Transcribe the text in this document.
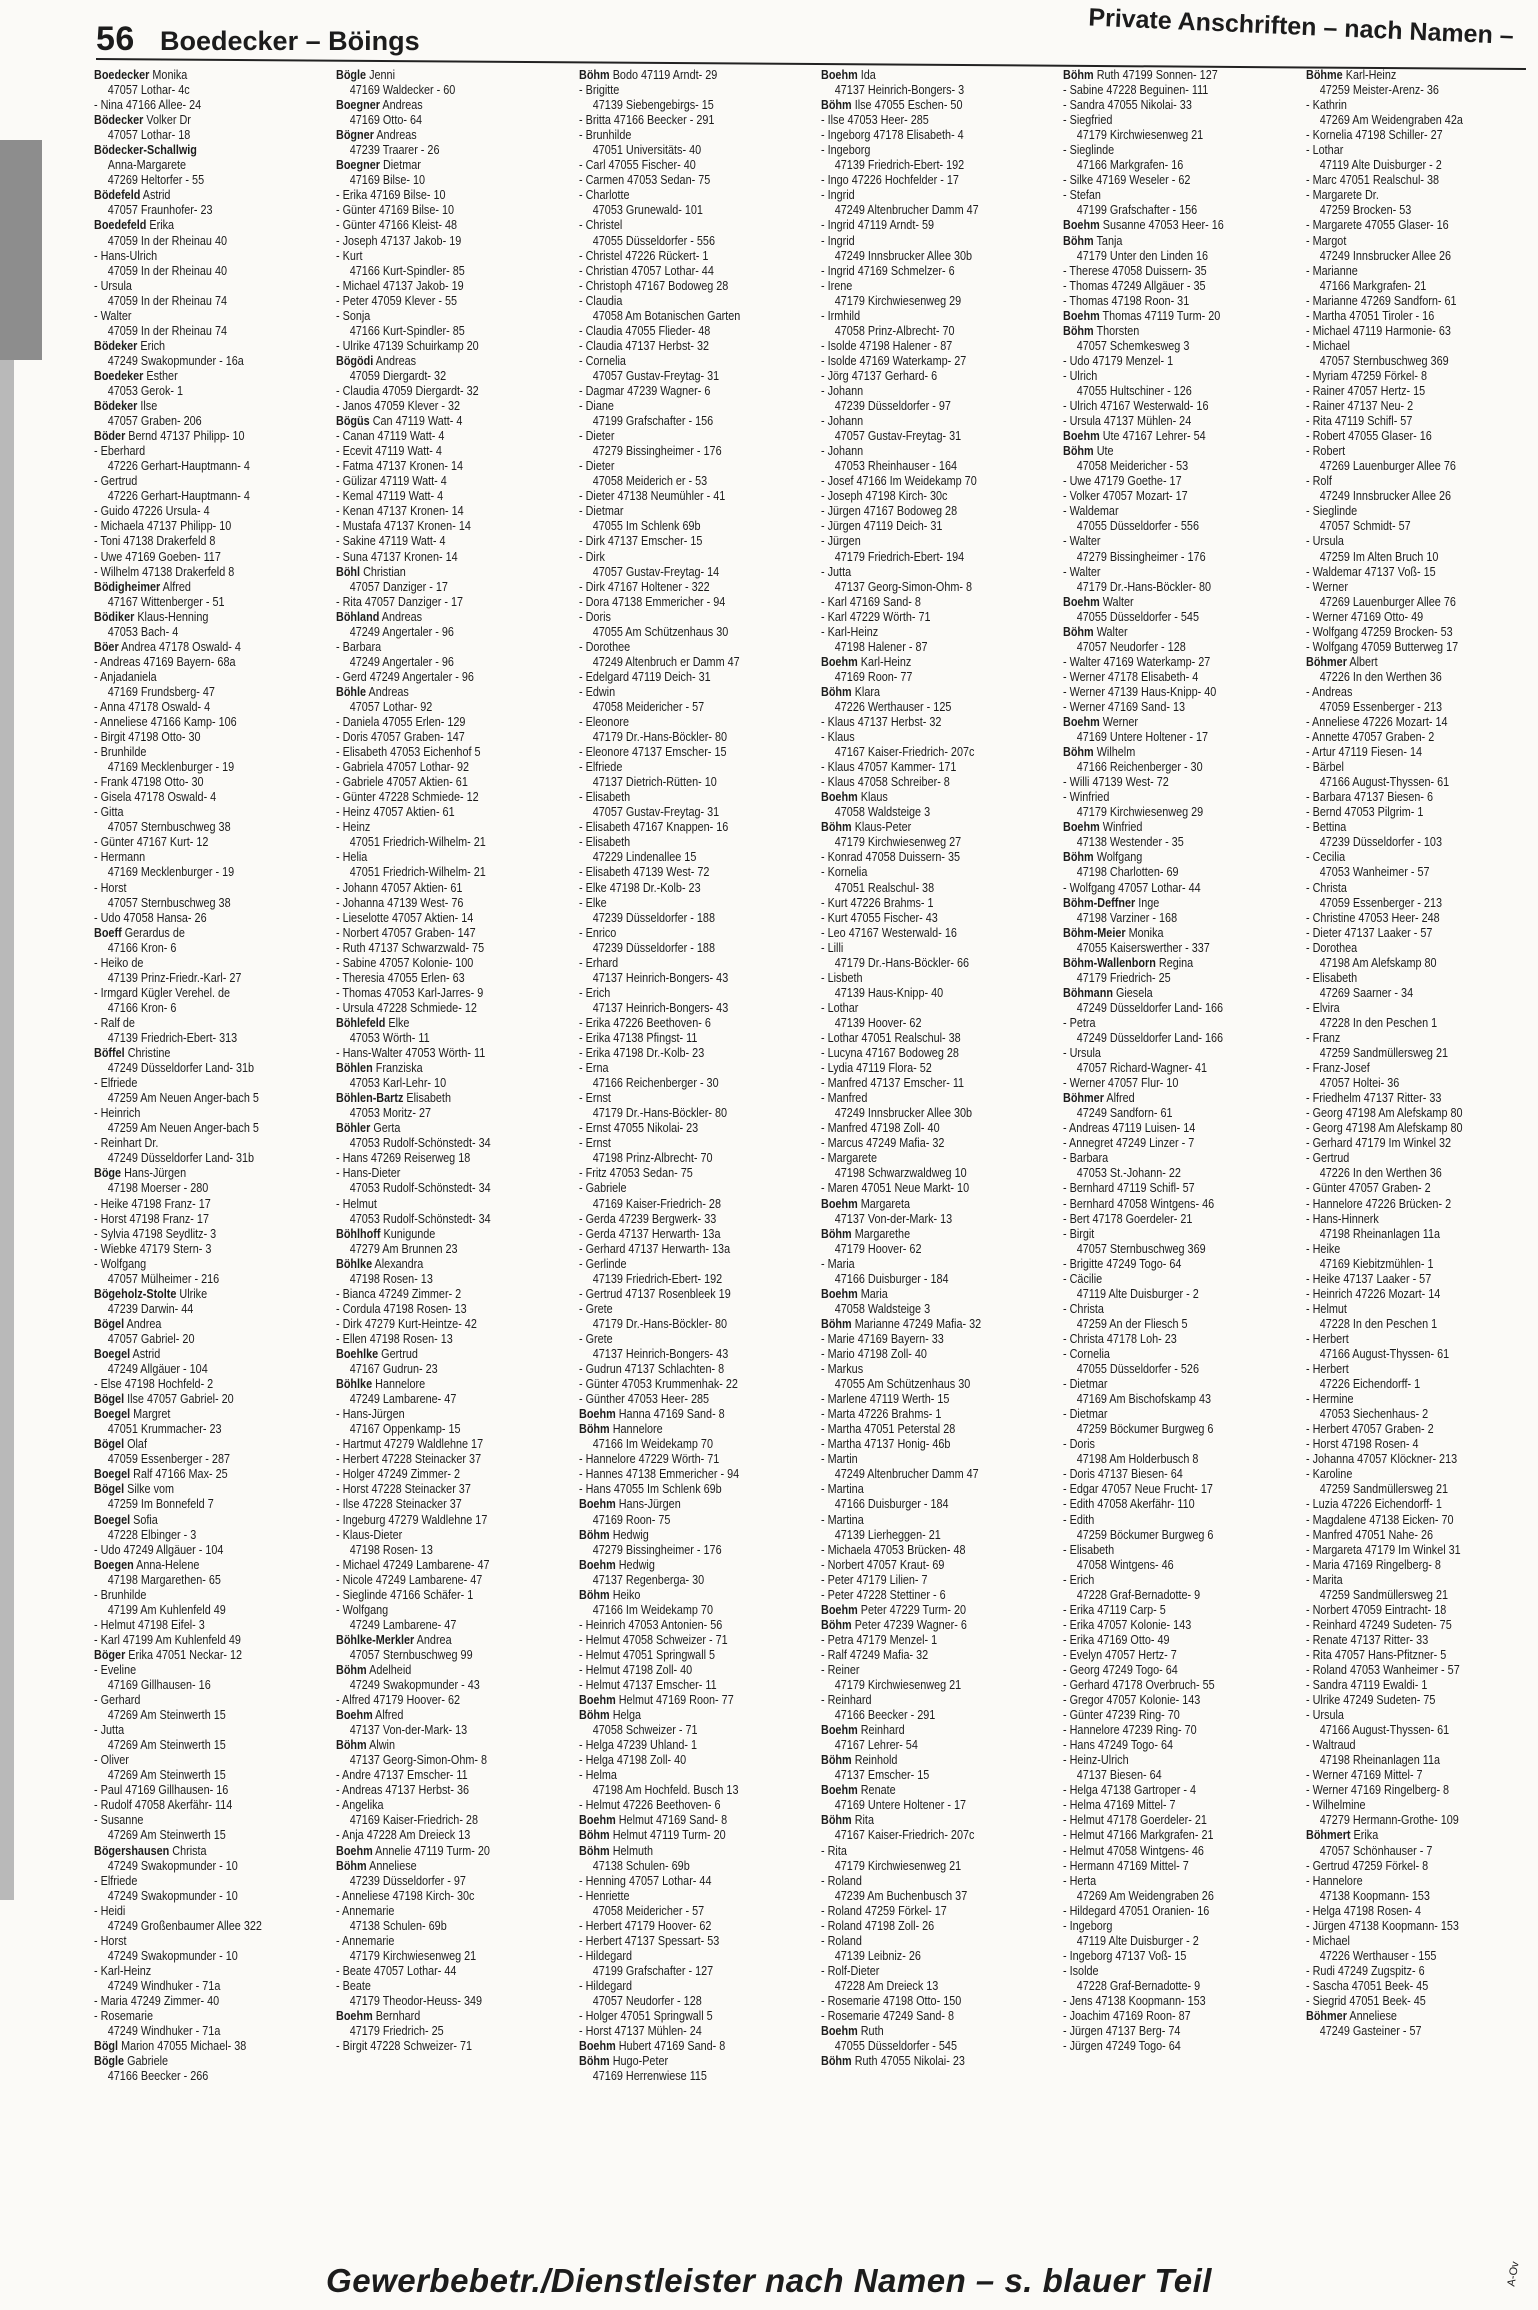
56 Boedecker – Böings	Private Anschriften – nach Namen –
Boedecker Monika
47057 Lothar- 4c
- Nina 47166 Allee- 24
Bödecker Volker Dr
47057 Lothar- 18
Bödecker-Schallwig
Anna-Margarete
47269 Heltorfer - 55
Bödefeld Astrid
47057 Fraunhofer- 23
Boedefeld Erika
47059 In der Rheinau 40
- Hans-Ulrich
47059 In der Rheinau 40
- Ursula
47059 In der Rheinau 74
- Walter
47059 In der Rheinau 74
Bödeker Erich
47249 Swakopmunder - 16a
Boedeker Esther
47053 Gerok- 1
Bödeker Ilse
47057 Graben- 206
Böder Bernd 47137 Philipp- 10
- Eberhard
47226 Gerhart-Hauptmann- 4
- Gertrud
47226 Gerhart-Hauptmann- 4
- Guido 47226 Ursula- 4
- Michaela 47137 Philipp- 10
- Toni 47138 Drakerfeld 8
- Uwe 47169 Goeben- 117
- Wilhelm 47138 Drakerfeld 8
Bödigheimer Alfred
47167 Wittenberger - 51
Bödiker Klaus-Henning
47053 Bach- 4
Böer Andrea 47178 Oswald- 4
- Andreas 47169 Bayern- 68a
- Anjadaniela
47169 Frundsberg- 47
- Anna 47178 Oswald- 4
- Anneliese 47166 Kamp- 106
- Birgit 47198 Otto- 30
- Brunhilde
47169 Mecklenburger - 19
- Frank 47198 Otto- 30
- Gisela 47178 Oswald- 4
- Gitta
47057 Sternbuschweg 38
- Günter 47167 Kurt- 12
- Hermann
47169 Mecklenburger - 19
- Horst
47057 Sternbuschweg 38
- Udo 47058 Hansa- 26
Boeff Gerardus de
47166 Kron- 6
- Heiko de
47139 Prinz-Friedr.-Karl- 27
- Irmgard Kügler Verehel. de
47166 Kron- 6
- Ralf de
47139 Friedrich-Ebert- 313
Böffel Christine
47249 Düsseldorfer Land- 31b
- Elfriede
47259 Am Neuen Anger-bach 5
- Heinrich
47259 Am Neuen Anger-bach 5
- Reinhart Dr.
47249 Düsseldorfer Land- 31b
Böge Hans-Jürgen
47198 Moerser - 280
- Heike 47198 Franz- 17
- Horst 47198 Franz- 17
- Sylvia 47198 Seydlitz- 3
- Wiebke 47179 Stern- 3
- Wolfgang
47057 Mülheimer - 216
Bögeholz-Stolte Ulrike
47239 Darwin- 44
Bögel Andrea
47057 Gabriel- 20
Boegel Astrid
47249 Allgäuer - 104
- Else 47198 Hochfeld- 2
Bögel Ilse 47057 Gabriel- 20
Boegel Margret
47051 Krummacher- 23
Bögel Olaf
47059 Essenberger - 287
Boegel Ralf 47166 Max- 25
Bögel Silke vom
47259 Im Bonnefeld 7
Boegel Sofia
47228 Elbinger - 3
- Udo 47249 Allgäuer - 104
Boegen Anna-Helene
47198 Margarethen- 65
- Brunhilde
47199 Am Kuhlenfeld 49
- Helmut 47198 Eifel- 3
- Karl 47199 Am Kuhlenfeld 49
Böger Erika 47051 Neckar- 12
- Eveline
47169 Gillhausen- 16
- Gerhard
47269 Am Steinwerth 15
- Jutta
47269 Am Steinwerth 15
- Oliver
47269 Am Steinwerth 15
- Paul 47169 Gillhausen- 16
- Rudolf 47058 Akerfähr- 114
- Susanne
47269 Am Steinwerth 15
Bögershausen Christa
47249 Swakopmunder - 10
- Elfriede
47249 Swakopmunder - 10
- Heidi
47249 Großenbaumer Allee 322
- Horst
47249 Swakopmunder - 10
- Karl-Heinz
47249 Windhuker - 71a
- Maria 47249 Zimmer- 40
- Rosemarie
47249 Windhuker - 71a
Bögl Marion 47055 Michael- 38
Bögle Gabriele
47166 Beecker - 266
Bögle Jenni
47169 Waldecker - 60
Boegner Andreas
47169 Otto- 64
Bögner Andreas
47239 Traarer - 26
Boegner Dietmar
47169 Bilse- 10
- Erika 47169 Bilse- 10
- Günter 47169 Bilse- 10
- Günter 47166 Kleist- 48
- Joseph 47137 Jakob- 19
- Kurt
47166 Kurt-Spindler- 85
- Michael 47137 Jakob- 19
- Peter 47059 Klever - 55
- Sonja
47166 Kurt-Spindler- 85
- Ulrike 47139 Schuirkamp 20
Bögödi Andreas
47059 Diergardt- 32
- Claudia 47059 Diergardt- 32
- Janos 47059 Klever - 32
Bögüs Can 47119 Watt- 4
- Canan 47119 Watt- 4
- Ecevit 47119 Watt- 4
- Fatma 47137 Kronen- 14
- Gülizar 47119 Watt- 4
- Kemal 47119 Watt- 4
- Kenan 47137 Kronen- 14
- Mustafa 47137 Kronen- 14
- Sakine 47119 Watt- 4
- Suna 47137 Kronen- 14
Böhl Christian
47057 Danziger - 17
- Rita 47057 Danziger - 17
Böhland Andreas
47249 Angertaler - 96
- Barbara
47249 Angertaler - 96
- Gerd 47249 Angertaler - 96
Böhle Andreas
47057 Lothar- 92
- Daniela 47055 Erlen- 129
- Doris 47057 Graben- 147
- Elisabeth 47053 Eichenhof 5
- Gabriela 47057 Lothar- 92
- Gabriele 47057 Aktien- 61
- Günter 47228 Schmiede- 12
- Heinz 47057 Aktien- 61
- Heinz
47051 Friedrich-Wilhelm- 21
- Helia
47051 Friedrich-Wilhelm- 21
- Johann 47057 Aktien- 61
- Johanna 47139 West- 76
- Lieselotte 47057 Aktien- 14
- Norbert 47057 Graben- 147
- Ruth 47137 Schwarzwald- 75
- Sabine 47057 Kolonie- 100
- Theresia 47055 Erlen- 63
- Thomas 47053 Karl-Jarres- 9
- Ursula 47228 Schmiede- 12
Böhlefeld Elke
47053 Wörth- 11
- Hans-Walter 47053 Wörth- 11
Böhlen Franziska
47053 Karl-Lehr- 10
Böhlen-Bartz Elisabeth
47053 Moritz- 27
Böhler Gerta
47053 Rudolf-Schönstedt- 34
- Hans 47269 Reiserweg 18
- Hans-Dieter
47053 Rudolf-Schönstedt- 34
- Helmut
47053 Rudolf-Schönstedt- 34
Böhlhoff Kunigunde
47279 Am Brunnen 23
Böhlke Alexandra
47198 Rosen- 13
- Bianca 47249 Zimmer- 2
- Cordula 47198 Rosen- 13
- Dirk 47279 Kurt-Heintze- 42
- Ellen 47198 Rosen- 13
Boehlke Gertrud
47167 Gudrun- 23
Böhlke Hannelore
47249 Lambarene- 47
- Hans-Jürgen
47167 Oppenkamp- 15
- Hartmut 47279 Waldlehne 17
- Herbert 47228 Steinacker 37
- Holger 47249 Zimmer- 2
- Horst 47228 Steinacker 37
- Ilse 47228 Steinacker 37
- Ingeburg 47279 Waldlehne 17
- Klaus-Dieter
47198 Rosen- 13
- Michael 47249 Lambarene- 47
- Nicole 47249 Lambarene- 47
- Sieglinde 47166 Schäfer- 1
- Wolfgang
47249 Lambarene- 47
Böhlke-Merkler Andrea
47057 Sternbuschweg 99
Böhm Adelheid
47249 Swakopmunder - 43
- Alfred 47179 Hoover- 62
Boehm Alfred
47137 Von-der-Mark- 13
Böhm Alwin
47137 Georg-Simon-Ohm- 8
- Andre 47137 Emscher- 11
- Andreas 47137 Herbst- 36
- Angelika
47169 Kaiser-Friedrich- 28
- Anja 47228 Am Dreieck 13
Boehm Annelie 47119 Turm- 20
Böhm Anneliese
47239 Düsseldorfer - 97
- Anneliese 47198 Kirch- 30c
- Annemarie
47138 Schulen- 69b
- Annemarie
47179 Kirchwiesenweg 21
- Beate 47057 Lothar- 44
- Beate
47179 Theodor-Heuss- 349
Boehm Bernhard
47179 Friedrich- 25
- Birgit 47228 Schweizer- 71
Böhm Bodo 47119 Arndt- 29
- Brigitte
47139 Siebengebirgs- 15
- Britta 47166 Beecker - 291
- Brunhilde
47051 Universitäts- 40
- Carl 47055 Fischer- 40
- Carmen 47053 Sedan- 75
- Charlotte
47053 Grunewald- 101
- Christel
47055 Düsseldorfer - 556
- Christel 47226 Rückert- 1
- Christian 47057 Lothar- 44
- Christoph 47167 Bodoweg 28
- Claudia
47058 Am Botanischen Garten
- Claudia 47055 Flieder- 48
- Claudia 47137 Herbst- 32
- Cornelia
47057 Gustav-Freytag- 31
- Dagmar 47239 Wagner- 6
- Diane
47199 Grafschafter - 156
- Dieter
47279 Bissingheimer - 176
- Dieter
47058 Meiderich er - 53
- Dieter 47138 Neumühler - 41
- Dietmar
47055 Im Schlenk 69b
- Dirk 47137 Emscher- 15
- Dirk
47057 Gustav-Freytag- 14
- Dirk 47167 Holtener - 322
- Dora 47138 Emmericher - 94
- Doris
47055 Am Schützenhaus 30
- Dorothee
47249 Altenbruch er Damm 47
- Edelgard 47119 Deich- 31
- Edwin
47058 Meidericher - 57
- Eleonore
47179 Dr.-Hans-Böckler- 80
- Eleonore 47137 Emscher- 15
- Elfriede
47137 Dietrich-Rütten- 10
- Elisabeth
47057 Gustav-Freytag- 31
- Elisabeth 47167 Knappen- 16
- Elisabeth
47229 Lindenallee 15
- Elisabeth 47139 West- 72
- Elke 47198 Dr.-Kolb- 23
- Elke
47239 Düsseldorfer - 188
- Enrico
47239 Düsseldorfer - 188
- Erhard
47137 Heinrich-Bongers- 43
- Erich
47137 Heinrich-Bongers- 43
- Erika 47226 Beethoven- 6
- Erika 47138 Pfingst- 11
- Erika 47198 Dr.-Kolb- 23
- Erna
47166 Reichenberger - 30
- Ernst
47179 Dr.-Hans-Böckler- 80
- Ernst 47055 Nikolai- 23
- Ernst
47198 Prinz-Albrecht- 70
- Fritz 47053 Sedan- 75
- Gabriele
47169 Kaiser-Friedrich- 28
- Gerda 47239 Bergwerk- 33
- Gerda 47137 Herwarth- 13a
- Gerhard 47137 Herwarth- 13a
- Gerlinde
47139 Friedrich-Ebert- 192
- Gertrud 47137 Rosenbleek 19
- Grete
47179 Dr.-Hans-Böckler- 80
- Grete
47137 Heinrich-Bongers- 43
- Gudrun 47137 Schlachten- 8
- Günter 47053 Krummenhak- 22
- Günther 47053 Heer- 285
Boehm Hanna 47169 Sand- 8
Böhm Hannelore
47166 Im Weidekamp 70
- Hannelore 47229 Wörth- 71
- Hannes 47138 Emmericher - 94
- Hans 47055 Im Schlenk 69b
Boehm Hans-Jürgen
47169 Roon- 75
Böhm Hedwig
47279 Bissingheimer - 176
Boehm Hedwig
47137 Regenberga- 30
Böhm Heiko
47166 Im Weidekamp 70
- Heinrich 47053 Antonien- 56
- Helmut 47058 Schweizer - 71
- Helmut 47051 Springwall 5
- Helmut 47198 Zoll- 40
- Helmut 47137 Emscher- 11
Boehm Helmut 47169 Roon- 77
Böhm Helga
47058 Schweizer - 71
- Helga 47239 Uhland- 1
- Helga 47198 Zoll- 40
- Helma
47198 Am Hochfeld. Busch 13
- Helmut 47226 Beethoven- 6
Boehm Helmut 47169 Sand- 8
Böhm Helmut 47119 Turm- 20
Böhm Helmuth
47138 Schulen- 69b
- Henning 47057 Lothar- 44
- Henriette
47058 Meidericher - 57
- Herbert 47179 Hoover- 62
- Herbert 47137 Spessart- 53
- Hildegard
47199 Grafschafter - 127
- Hildegard
47057 Neudorfer - 128
- Holger 47051 Springwall 5
- Horst 47137 Mühlen- 24
Boehm Hubert 47169 Sand- 8
Böhm Hugo-Peter
47169 Herrenwiese 115
Boehm Ida
47137 Heinrich-Bongers- 3
Böhm Ilse 47055 Eschen- 50
- Ilse 47053 Heer- 285
- Ingeborg 47178 Elisabeth- 4
- Ingeborg
47139 Friedrich-Ebert- 192
- Ingo 47226 Hochfelder - 17
- Ingrid
47249 Altenbrucher Damm 47
- Ingrid 47119 Arndt- 59
- Ingrid
47249 Innsbrucker Allee 30b
- Ingrid 47169 Schmelzer- 6
- Irene
47179 Kirchwiesenweg 29
- Irmhild
47058 Prinz-Albrecht- 70
- Isolde 47198 Halener - 87
- Isolde 47169 Waterkamp- 27
- Jörg 47137 Gerhard- 6
- Johann
47239 Düsseldorfer - 97
- Johann
47057 Gustav-Freytag- 31
- Johann
47053 Rheinhauser - 164
- Josef 47166 Im Weidekamp 70
- Joseph 47198 Kirch- 30c
- Jürgen 47167 Bodoweg 28
- Jürgen 47119 Deich- 31
- Jürgen
47179 Friedrich-Ebert- 194
- Jutta
47137 Georg-Simon-Ohm- 8
- Karl 47169 Sand- 8
- Karl 47229 Wörth- 71
- Karl-Heinz
47198 Halener - 87
Boehm Karl-Heinz
47169 Roon- 77
Böhm Klara
47226 Werthauser - 125
- Klaus 47137 Herbst- 32
- Klaus
47167 Kaiser-Friedrich- 207c
- Klaus 47057 Kammer- 171
- Klaus 47058 Schreiber- 8
Boehm Klaus
47058 Waldsteige 3
Böhm Klaus-Peter
47179 Kirchwiesenweg 27
- Konrad 47058 Duissern- 35
- Kornelia
47051 Realschul- 38
- Kurt 47226 Brahms- 1
- Kurt 47055 Fischer- 43
- Leo 47167 Westerwald- 16
- Lilli
47179 Dr.-Hans-Böckler- 66
- Lisbeth
47139 Haus-Knipp- 40
- Lothar
47139 Hoover- 62
- Lothar 47051 Realschul- 38
- Lucyna 47167 Bodoweg 28
- Lydia 47119 Flora- 52
- Manfred 47137 Emscher- 11
- Manfred
47249 Innsbrucker Allee 30b
- Manfred 47198 Zoll- 40
- Marcus 47249 Mafia- 32
- Margarete
47198 Schwarzwaldweg 10
- Maren 47051 Neue Markt- 10
Boehm Margareta
47137 Von-der-Mark- 13
Böhm Margarethe
47179 Hoover- 62
- Maria
47166 Duisburger - 184
Boehm Maria
47058 Waldsteige 3
Böhm Marianne 47249 Mafia- 32
- Marie 47169 Bayern- 33
- Mario 47198 Zoll- 40
- Markus
47055 Am Schützenhaus 30
- Marlene 47119 Werth- 15
- Marta 47226 Brahms- 1
- Martha 47051 Peterstal 28
- Martha 47137 Honig- 46b
- Martin
47249 Altenbrucher Damm 47
- Martina
47166 Duisburger - 184
- Martina
47139 Lierheggen- 21
- Michaela 47053 Brücken- 48
- Norbert 47057 Kraut- 69
- Peter 47179 Lilien- 7
- Peter 47228 Stettiner - 6
Boehm Peter 47229 Turm- 20
Böhm Peter 47239 Wagner- 6
- Petra 47179 Menzel- 1
- Ralf 47249 Mafia- 32
- Reiner
47179 Kirchwiesenweg 21
- Reinhard
47166 Beecker - 291
Boehm Reinhard
47167 Lehrer- 54
Böhm Reinhold
47137 Emscher- 15
Boehm Renate
47169 Untere Holtener - 17
Böhm Rita
47167 Kaiser-Friedrich- 207c
- Rita
47179 Kirchwiesenweg 21
- Roland
47239 Am Buchenbusch 37
- Roland 47259 Förkel- 17
- Roland 47198 Zoll- 26
- Roland
47139 Leibniz- 26
- Rolf-Dieter
47228 Am Dreieck 13
- Rosemarie 47198 Otto- 150
- Rosemarie 47249 Sand- 8
Boehm Ruth
47055 Düsseldorfer - 545
Böhm Ruth 47055 Nikolai- 23
Böhm Ruth 47199 Sonnen- 127
- Sabine 47228 Beguinen- 111
- Sandra 47055 Nikolai- 33
- Siegfried
47179 Kirchwiesenweg 21
- Sieglinde
47166 Markgrafen- 16
- Silke 47169 Weseler - 62
- Stefan
47199 Grafschafter - 156
Boehm Susanne 47053 Heer- 16
Böhm Tanja
47179 Unter den Linden 16
- Therese 47058 Duissern- 35
- Thomas 47249 Allgäuer - 35
- Thomas 47198 Roon- 31
Boehm Thomas 47119 Turm- 20
Böhm Thorsten
47057 Schemkesweg 3
- Udo 47179 Menzel- 1
- Ulrich
47055 Hultschiner - 126
- Ulrich 47167 Westerwald- 16
- Ursula 47137 Mühlen- 24
Boehm Ute 47167 Lehrer- 54
Böhm Ute
47058 Meidericher - 53
- Uwe 47179 Goethe- 17
- Volker 47057 Mozart- 17
- Waldemar
47055 Düsseldorfer - 556
- Walter
47279 Bissingheimer - 176
- Walter
47179 Dr.-Hans-Böckler- 80
Boehm Walter
47055 Düsseldorfer - 545
Böhm Walter
47057 Neudorfer - 128
- Walter 47169 Waterkamp- 27
- Werner 47178 Elisabeth- 4
- Werner 47139 Haus-Knipp- 40
- Werner 47169 Sand- 13
Boehm Werner
47169 Untere Holtener - 17
Böhm Wilhelm
47166 Reichenberger - 30
- Willi 47139 West- 72
- Winfried
47179 Kirchwiesenweg 29
Boehm Winfried
47138 Westender - 35
Böhm Wolfgang
47198 Charlotten- 69
- Wolfgang 47057 Lothar- 44
Böhm-Deffner Inge
47198 Varziner - 168
Böhm-Meier Monika
47055 Kaiserswerther - 337
Böhm-Wallenborn Regina
47179 Friedrich- 25
Böhmann Giesela
47249 Düsseldorfer Land- 166
- Petra
47249 Düsseldorfer Land- 166
- Ursula
47057 Richard-Wagner- 41
- Werner 47057 Flur- 10
Böhmer Alfred
47249 Sandforn- 61
- Andreas 47119 Luisen- 14
- Annegret 47249 Linzer - 7
- Barbara
47053 St.-Johann- 22
- Bernhard 47119 Schifl- 57
- Bernhard 47058 Wintgens- 46
- Bert 47178 Goerdeler- 21
- Birgit
47057 Sternbuschweg 369
- Brigitte 47249 Togo- 64
- Cäcilie
47119 Alte Duisburger - 2
- Christa
47259 An der Fliesch 5
- Christa 47178 Loh- 23
- Cornelia
47055 Düsseldorfer - 526
- Dietmar
47169 Am Bischofskamp 43
- Dietmar
47259 Böckumer Burgweg 6
- Doris
47198 Am Holderbusch 8
- Doris 47137 Biesen- 64
- Edgar 47057 Neue Frucht- 17
- Edith 47058 Akerfähr- 110
- Edith
47259 Böckumer Burgweg 6
- Elisabeth
47058 Wintgens- 46
- Erich
47228 Graf-Bernadotte- 9
- Erika 47119 Carp- 5
- Erika 47057 Kolonie- 143
- Erika 47169 Otto- 49
- Evelyn 47057 Hertz- 7
- Georg 47249 Togo- 64
- Gerhard 47178 Overbruch- 55
- Gregor 47057 Kolonie- 143
- Günter 47239 Ring- 70
- Hannelore 47239 Ring- 70
- Hans 47249 Togo- 64
- Heinz-Ulrich
47137 Biesen- 64
- Helga 47138 Gartroper - 4
- Helma 47169 Mittel- 7
- Helmut 47178 Goerdeler- 21
- Helmut 47166 Markgrafen- 21
- Helmut 47058 Wintgens- 46
- Hermann 47169 Mittel- 7
- Herta
47269 Am Weidengraben 26
- Hildegard 47051 Oranien- 16
- Ingeborg
47119 Alte Duisburger - 2
- Ingeborg 47137 Voß- 15
- Isolde
47228 Graf-Bernadotte- 9
- Jens 47138 Koopmann- 153
- Joachim 47169 Roon- 87
- Jürgen 47137 Berg- 74
- Jürgen 47249 Togo- 64
Böhme Karl-Heinz
47259 Meister-Arenz- 36
- Kathrin
47269 Am Weidengraben 42a
- Kornelia 47198 Schiller- 27
- Lothar
47119 Alte Duisburger - 2
- Marc 47051 Realschul- 38
- Margarete Dr.
47259 Brocken- 53
- Margarete 47055 Glaser- 16
- Margot
47249 Innsbrucker Allee 26
- Marianne
47166 Markgrafen- 21
- Marianne 47269 Sandforn- 61
- Martha 47051 Tiroler - 16
- Michael 47119 Harmonie- 63
- Michael
47057 Sternbuschweg 369
- Myriam 47259 Förkel- 8
- Rainer 47057 Hertz- 15
- Rainer 47137 Neu- 2
- Rita 47119 Schifl- 57
- Robert 47055 Glaser- 16
- Robert
47269 Lauenburger Allee 76
- Rolf
47249 Innsbrucker Allee 26
- Sieglinde
47057 Schmidt- 57
- Ursula
47259 Im Alten Bruch 10
- Waldemar 47137 Voß- 15
- Werner
47269 Lauenburger Allee 76
- Werner 47169 Otto- 49
- Wolfgang 47259 Brocken- 53
- Wolfgang 47059 Butterweg 17
Böhmer Albert
47226 In den Werthen 36
- Andreas
47059 Essenberger - 213
- Anneliese 47226 Mozart- 14
- Annette 47057 Graben- 2
- Artur 47119 Fiesen- 14
- Bärbel
47166 August-Thyssen- 61
- Barbara 47137 Biesen- 6
- Bernd 47053 Pilgrim- 1
- Bettina
47239 Düsseldorfer - 103
- Cecilia
47053 Wanheimer - 57
- Christa
47059 Essenberger - 213
- Christine 47053 Heer- 248
- Dieter 47137 Laaker - 57
- Dorothea
47198 Am Alefskamp 80
- Elisabeth
47269 Saarner - 34
- Elvira
47228 In den Peschen 1
- Franz
47259 Sandmüllersweg 21
- Franz-Josef
47057 Holtei- 36
- Friedhelm 47137 Ritter- 33
- Georg 47198 Am Alefskamp 80
- Georg 47198 Am Alefskamp 80
- Gerhard 47179 Im Winkel 32
- Gertrud
47226 In den Werthen 36
- Günter 47057 Graben- 2
- Hannelore 47226 Brücken- 2
- Hans-Hinnerk
47198 Rheinanlagen 11a
- Heike
47169 Kiebitzmühlen- 1
- Heike 47137 Laaker - 57
- Heinrich 47226 Mozart- 14
- Helmut
47228 In den Peschen 1
- Herbert
47166 August-Thyssen- 61
- Herbert
47226 Eichendorff- 1
- Hermine
47053 Siechenhaus- 2
- Herbert 47057 Graben- 2
- Horst 47198 Rosen- 4
- Johanna 47057 Klöckner- 213
- Karoline
47259 Sandmüllersweg 21
- Luzia 47226 Eichendorff- 1
- Magdalene 47138 Eicken- 70
- Manfred 47051 Nahe- 26
- Margareta 47179 Im Winkel 31
- Maria 47169 Ringelberg- 8
- Marita
47259 Sandmüllersweg 21
- Norbert 47059 Eintracht- 18
- Reinhard 47249 Sudeten- 75
- Renate 47137 Ritter- 33
- Rita 47057 Hans-Pfitzner- 5
- Roland 47053 Wanheimer - 57
- Sandra 47119 Ewaldi- 1
- Ulrike 47249 Sudeten- 75
- Ursula
47166 August-Thyssen- 61
- Waltraud
47198 Rheinanlagen 11a
- Werner 47169 Mittel- 7
- Werner 47169 Ringelberg- 8
- Wilhelmine
47279 Hermann-Grothe- 109
Böhmert Erika
47057 Schönhauser - 7
- Gertrud 47259 Förkel- 8
- Hannelore
47138 Koopmann- 153
- Helga 47198 Rosen- 4
- Jürgen 47138 Koopmann- 153
- Michael
47226 Werthauser - 155
- Rudi 47249 Zugspitz- 6
- Sascha 47051 Beek- 45
- Siegrid 47051 Beek- 45
Böhmer Anneliese
47249 Gasteiner - 57
Gewerbebetr./Dienstleister nach Namen – s. blauer Teil	A-Ov
